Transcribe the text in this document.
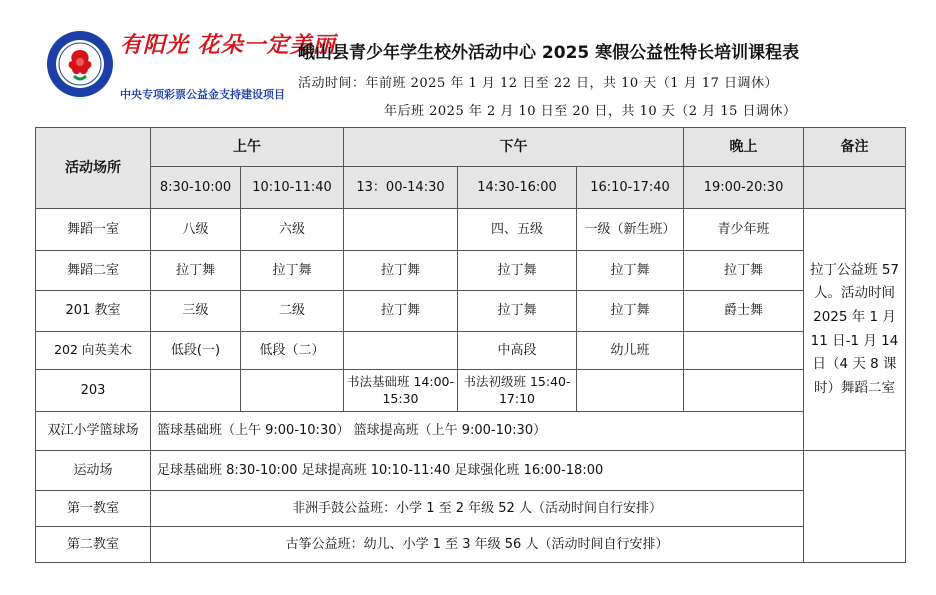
有阳光 花朵一定美丽
中央专项彩票公益金支持建设项目
峨山县青少年学生校外活动中心 2025 寒假公益性特长培训课程表
活动时间：年前班 2025 年 1 月 12 日至 22 日，共 10 天（1 月 17 日调休）
年后班 2025 年 2 月 10 日至 20 日，共 10 天（2 月 15 日调休）
活动场所	上午		下午			晚上	备注
	8:30-10:00	10:10-11:40	13：00-14:30	14:30-16:00	16:10-17:40	19:00-20:30	
舞蹈一室	八级	六级		四、五级	一级（新生班）	青少年班	拉丁公益班 57 人。活动时间 2025 年 1 月 11 日-1 月 14 日（4 天 8 课时）舞蹈二室
舞蹈二室	拉丁舞	拉丁舞	拉丁舞	拉丁舞	拉丁舞	拉丁舞	
201 教室	三级	二级	拉丁舞	拉丁舞	拉丁舞	爵士舞	
202 向英美术	低段(一)	低段（二）		中高段	幼儿班		
203			书法基础班 14:00-15:30	书法初级班 15:40-17:10			
双江小学篮球场	篮球基础班（上午 9:00-10:30） 篮球提高班（上午 9:00-10:30）						
运动场	足球基础班 8:30-10:00 足球提高班 10:10-11:40 足球强化班 16:00-18:00						
第一教室	非洲手鼓公益班：小学 1 至 2 年级 52 人（活动时间自行安排）						
第二教室	古筝公益班：幼儿、小学 1 至 3 年级 56 人（活动时间自行安排）						
